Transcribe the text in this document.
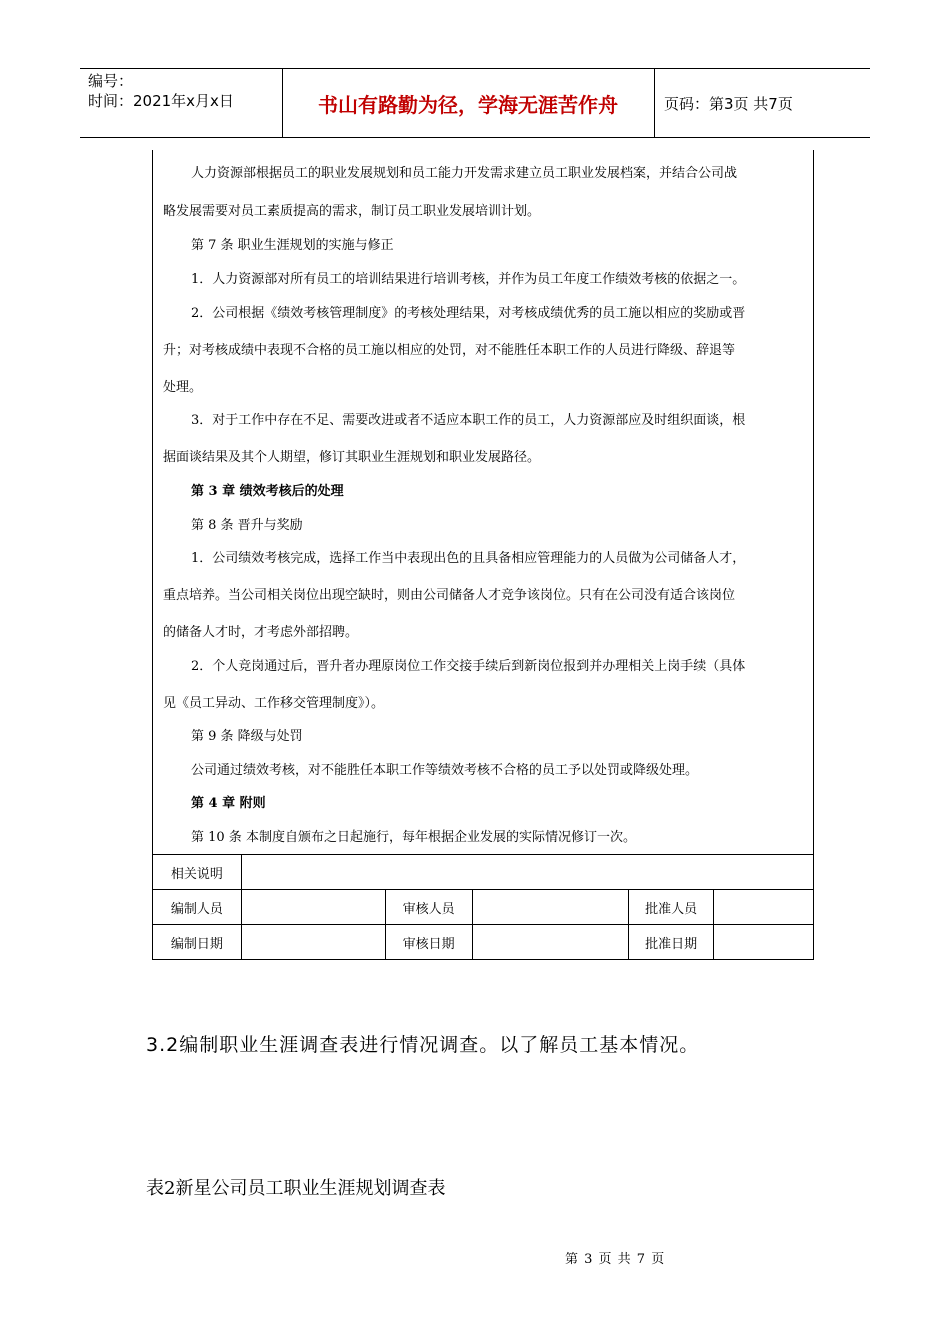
编号：
时间：2021年x月x日	书山有路勤为径，学海无涯苦作舟	页码：第3页 共7页
人力资源部根据员工的职业发展规划和员工能力开发需求建立员工职业发展档案，并结合公司战
略发展需要对员工素质提高的需求，制订员工职业发展培训计划。
第 7 条 职业生涯规划的实施与修正
1．人力资源部对所有员工的培训结果进行培训考核，并作为员工年度工作绩效考核的依据之一。
2．公司根据《绩效考核管理制度》的考核处理结果，对考核成绩优秀的员工施以相应的奖励或晋
升；对考核成绩中表现不合格的员工施以相应的处罚，对不能胜任本职工作的人员进行降级、辞退等
处理。
3．对于工作中存在不足、需要改进或者不适应本职工作的员工，人力资源部应及时组织面谈，根
据面谈结果及其个人期望，修订其职业生涯规划和职业发展路径。
第 3 章 绩效考核后的处理
第 8 条 晋升与奖励
1．公司绩效考核完成，选择工作当中表现出色的且具备相应管理能力的人员做为公司储备人才，
重点培养。当公司相关岗位出现空缺时，则由公司储备人才竞争该岗位。只有在公司没有适合该岗位
的储备人才时，才考虑外部招聘。
2．个人竞岗通过后，晋升者办理原岗位工作交接手续后到新岗位报到并办理相关上岗手续（具体
见《员工异动、工作移交管理制度》）。
第 9 条 降级与处罚
公司通过绩效考核，对不能胜任本职工作等绩效考核不合格的员工予以处罚或降级处理。
第 4 章 附则
第 10 条 本制度自颁布之日起施行，每年根据企业发展的实际情况修订一次。
相关说明					
编制人员		审核人员		批准人员	
编制日期		审核日期		批准日期	
3.2编制职业生涯调查表进行情况调查。以了解员工基本情况。
表2新星公司员工职业生涯规划调查表
第 3 页 共 7 页
